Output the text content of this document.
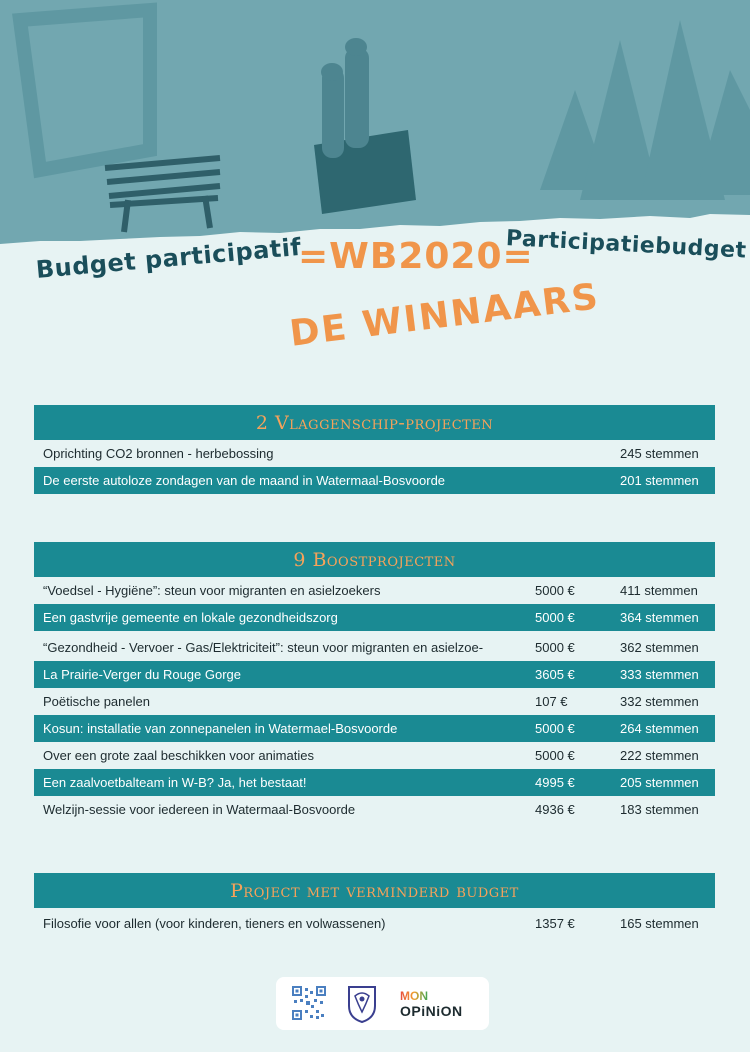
Budget participatif
=WB2020=
Participatiebudget
DE WINNAARS
2 Vlaggenschip-projecten
Oprichting CO2 bronnen - herbebossing	245 stemmen
De eerste autoloze zondagen van de maand in Watermaal-Bosvoorde	201 stemmen
9 Boostprojecten
“Voedsel - Hygiëne”: steun voor migranten en asielzoekers	5000 €	411 stemmen
Een gastvrije gemeente en lokale gezondheidszorg	5000 €	364 stemmen
“Gezondheid - Vervoer - Gas/Elektriciteit”: steun voor migranten en asielzoe-	5000 €	362 stemmen
La Prairie-Verger du Rouge Gorge	3605 €	333 stemmen
Poëtische panelen	107 €	332 stemmen
Kosun: installatie van zonnepanelen in Watermael-Bosvoorde	5000 €	264 stemmen
Over een grote zaal beschikken voor animaties	5000 €	222 stemmen
Een zaalvoetbalteam in W-B? Ja, het bestaat!	4995 €	205 stemmen
Welzijn-sessie voor iedereen in Watermaal-Bosvoorde	4936 €	183 stemmen
Project met verminderd budget
Filosofie voor allen (voor kinderen, tieners en volwassenen)	1357 €	165 stemmen
MON
OPiNiON
